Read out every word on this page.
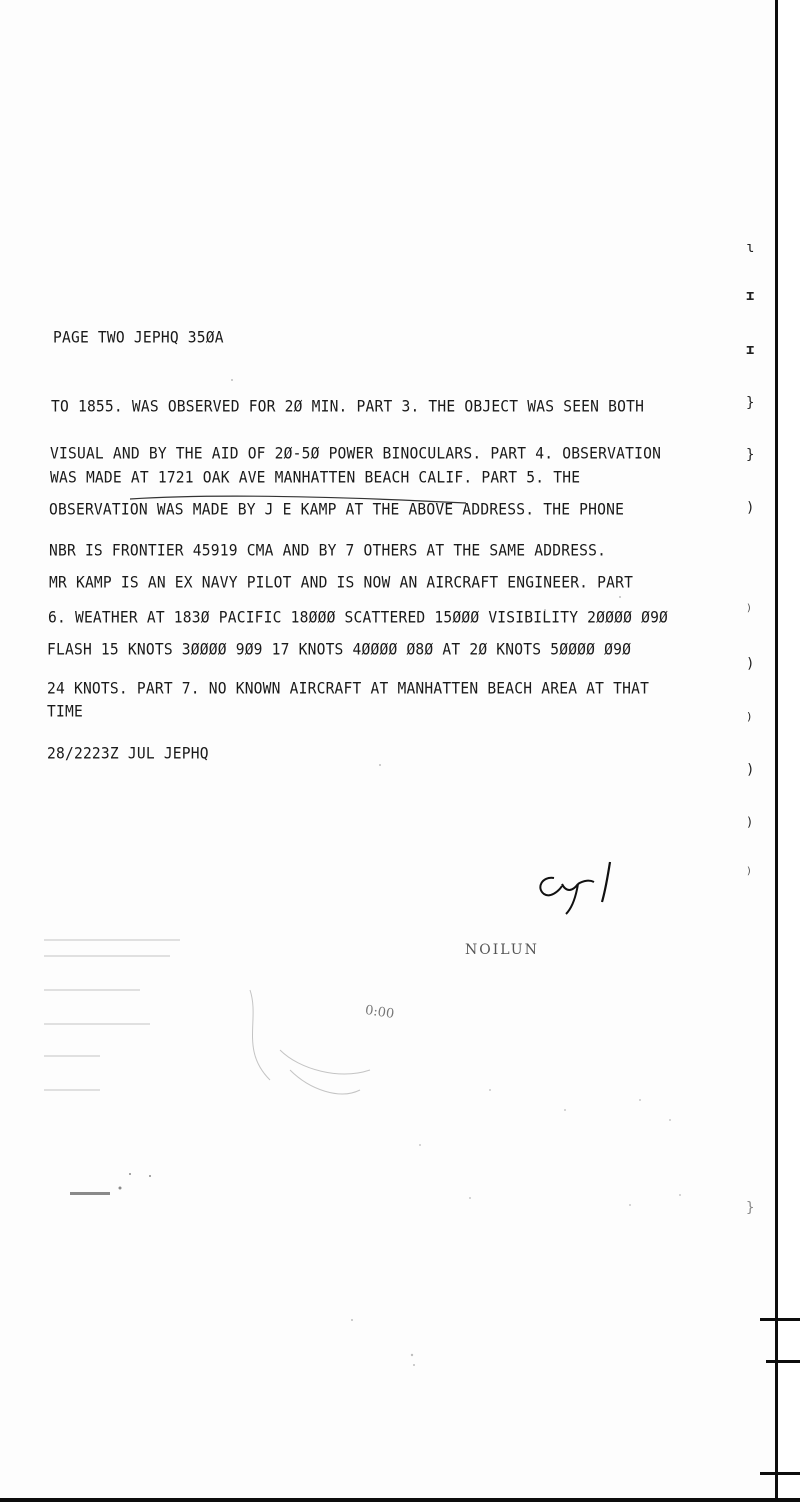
PAGE TWO JEPHQ 35ØA
TO 1855. WAS OBSERVED FOR 2Ø MIN. PART 3. THE OBJECT WAS SEEN BOTH
VISUAL AND BY THE AID OF 2Ø-5Ø POWER BINOCULARS. PART 4. OBSERVATION
WAS MADE AT 1721 OAK AVE MANHATTEN BEACH CALIF. PART 5. THE
OBSERVATION WAS MADE BY J E KAMP AT THE ABOVE ADDRESS. THE PHONE
NBR IS FRONTIER 45919 CMA AND BY 7 OTHERS AT THE SAME ADDRESS.
MR KAMP IS AN EX NAVY PILOT AND IS NOW AN AIRCRAFT ENGINEER. PART
6. WEATHER AT 183Ø PACIFIC 18ØØØ SCATTERED 15ØØØ VISIBILITY 2ØØØØ Ø9Ø
FLASH 15 KNOTS 3ØØØØ 9Ø9 17 KNOTS 4ØØØØ Ø8Ø AT 2Ø KNOTS 5ØØØØ Ø9Ø
24 KNOTS. PART 7. NO KNOWN AIRCRAFT AT MANHATTEN BEACH AREA AT THAT
TIME
28/2223Z JUL JEPHQ
NOILUN
0:00
ɩ
ɪ
ɪ
}
}
)
)
)
)
)
)
)
}
